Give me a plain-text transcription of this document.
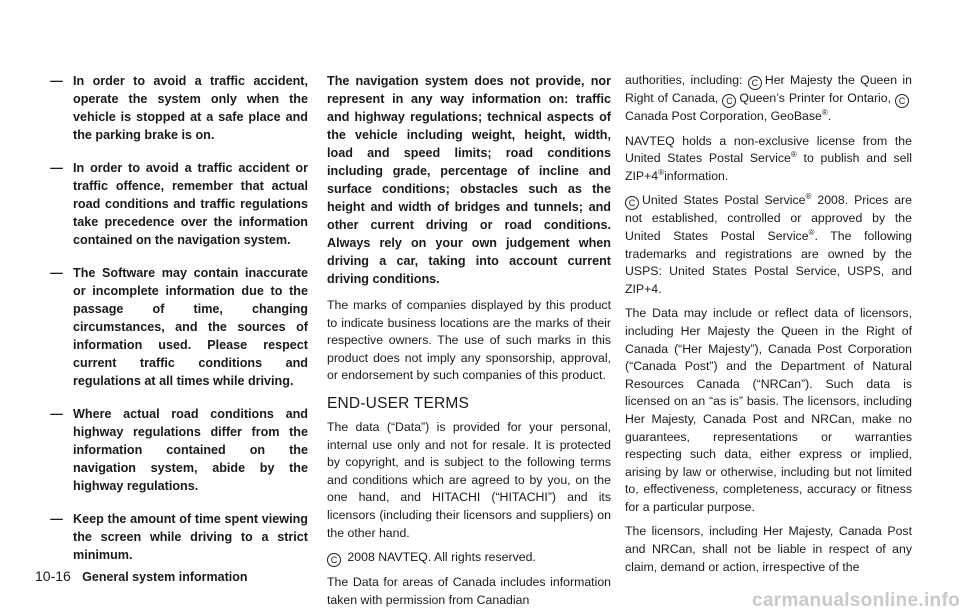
— In order to avoid a traffic accident, operate the system only when the vehicle is stopped at a safe place and the parking brake is on.
— In order to avoid a traffic accident or traffic offence, remember that actual road conditions and traffic regulations take precedence over the information contained on the navigation system.
— The Software may contain inaccurate or incomplete information due to the passage of time, changing circumstances, and the sources of information used. Please respect current traffic conditions and regulations at all times while driving.
— Where actual road conditions and highway regulations differ from the information contained on the navigation system, abide by the highway regulations.
— Keep the amount of time spent viewing the screen while driving to a strict minimum.

The navigation system does not provide, nor represent in any way information on: traffic and highway regulations; technical aspects of the vehicle including weight, height, width, load and speed limits; road conditions including grade, percentage of incline and surface conditions; obstacles such as the height and width of bridges and tunnels; and other current driving or road conditions. Always rely on your own judgement when driving a car, taking into account current driving conditions.

The marks of companies displayed by this product to indicate business locations are the marks of their respective owners. The use of such marks in this product does not imply any sponsorship, approval, or endorsement by such companies of this product.

END-USER TERMS

The data (“Data”) is provided for your personal, internal use only and not for resale. It is protected by copyright, and is subject to the following terms and conditions which are agreed to by you, on the one hand, and HITACHI (“HITACHI”) and its licensors (including their licensors and suppliers) on the other hand.

C 2008 NAVTEQ. All rights reserved.

The Data for areas of Canada includes information taken with permission from Canadian

authorities, including: C Her Majesty the Queen in Right of Canada, C Queen’s Printer for Ontario, CCanada Post Corporation, GeoBase®.

NAVTEQ holds a non-exclusive license from the United States Postal Service® to publish and sell ZIP+4®information.

C United States Postal Service® 2008. Prices are not established, controlled or approved by the United States Postal Service®. The following trademarks and registrations are owned by the USPS: United States Postal Service, USPS, and ZIP+4.

The Data may include or reflect data of licensors, including Her Majesty the Queen in the Right of Canada (“Her Majesty”), Canada Post Corporation (“Canada Post”) and the Department of Natural Resources Canada (“NRCan”). Such data is licensed on an “as is” basis. The licensors, including Her Majesty, Canada Post and NRCan, make no guarantees, representations or warranties respecting such data, either express or implied, arising by law or otherwise, including but not limited to, effectiveness, completeness, accuracy or fitness for a particular purpose.

The licensors, including Her Majesty, Canada Post and NRCan, shall not be liable in respect of any claim, demand or action, irrespective of the

10-16 General system information
carmanualsonline.info
